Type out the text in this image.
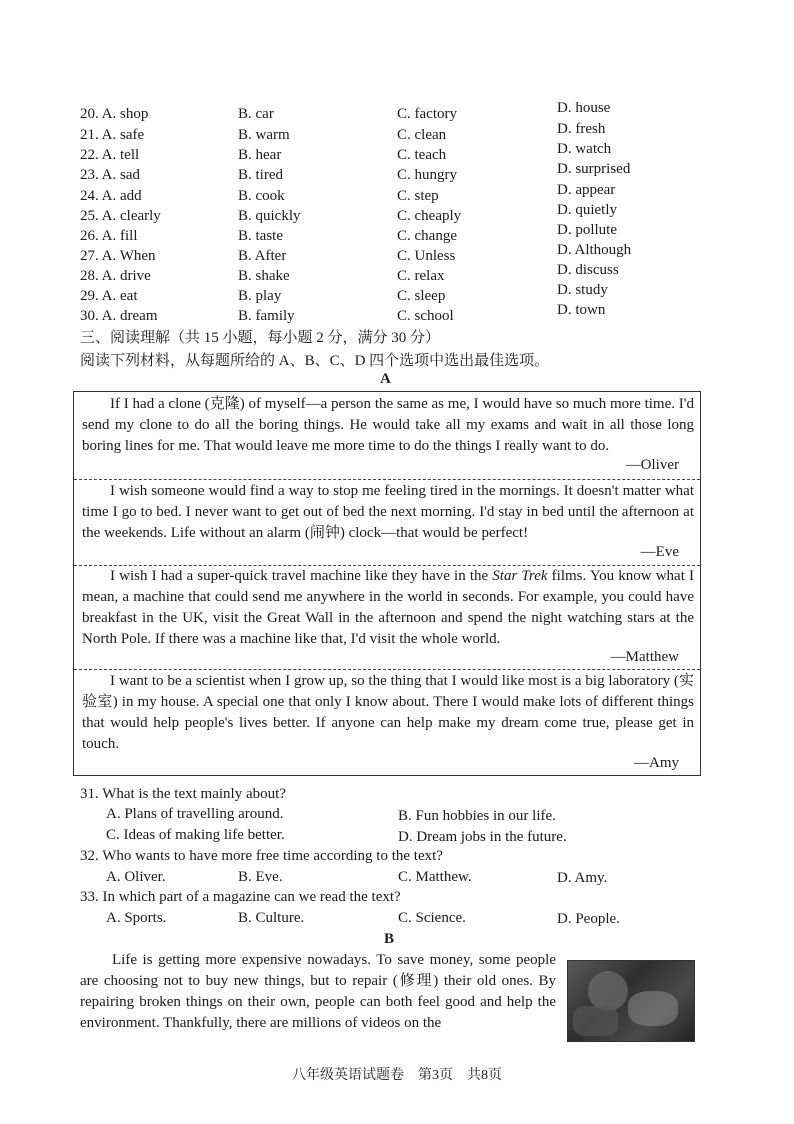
20. A. shop	B. car	C. factory	D. house
21. A. safe	B. warm	C. clean	D. fresh
22. A. tell	B. hear	C. teach	D. watch
23. A. sad	B. tired	C. hungry	D. surprised
24. A. add	B. cook	C. step	D. appear
25. A. clearly	B. quickly	C. cheaply	D. quietly
26. A. fill	B. taste	C. change	D. pollute
27. A. When	B. After	C. Unless	D. Although
28. A. drive	B. shake	C. relax	D. discuss
29. A. eat	B. play	C. sleep	D. study
30. A. dream	B. family	C. school	D. town
三、阅读理解（共 15 小题，每小题 2 分，满分 30 分）
阅读下列材料，从每题所给的 A、B、C、D 四个选项中选出最佳选项。
A
If I had a clone (克隆) of myself—a person the same as me, I would have so much more time. I'd send my clone to do all the boring things. He would take all my exams and wait in all those long boring lines for me. That would leave me more time to do the things I really want to do.
—Oliver
I wish someone would find a way to stop me feeling tired in the mornings. It doesn't matter what time I go to bed. I never want to get out of bed the next morning. I'd stay in bed until the afternoon at the weekends. Life without an alarm (闹钟) clock—that would be perfect!
—Eve
I wish I had a super-quick travel machine like they have in the Star Trek films. You know what I mean, a machine that could send me anywhere in the world in seconds. For example, you could have breakfast in the UK, visit the Great Wall in the afternoon and spend the night watching stars at the North Pole. If there was a machine like that, I'd visit the whole world.
—Matthew
I want to be a scientist when I grow up, so the thing that I would like most is a big laboratory (实验室) in my house. A special one that only I know about. There I would make lots of different things that would help people's lives better. If anyone can help make my dream come true, please get in touch.
—Amy
31. What is the text mainly about?
A. Plans of travelling around.	B. Fun hobbies in our life.
C. Ideas of making life better.	D. Dream jobs in the future.
32. Who wants to have more free time according to the text?
A. Oliver.	B. Eve.	C. Matthew.	D. Amy.
33. In which part of a magazine can we read the text?
A. Sports.	B. Culture.	C. Science.	D. People.
B
Life is getting more expensive nowadays. To save money, some people are choosing not to buy new things, but to repair (修理) their old ones. By repairing broken things on their own, people can both feel good and help the environment. Thankfully, there are millions of videos on the
八年级英语试题卷　第3页　共8页
